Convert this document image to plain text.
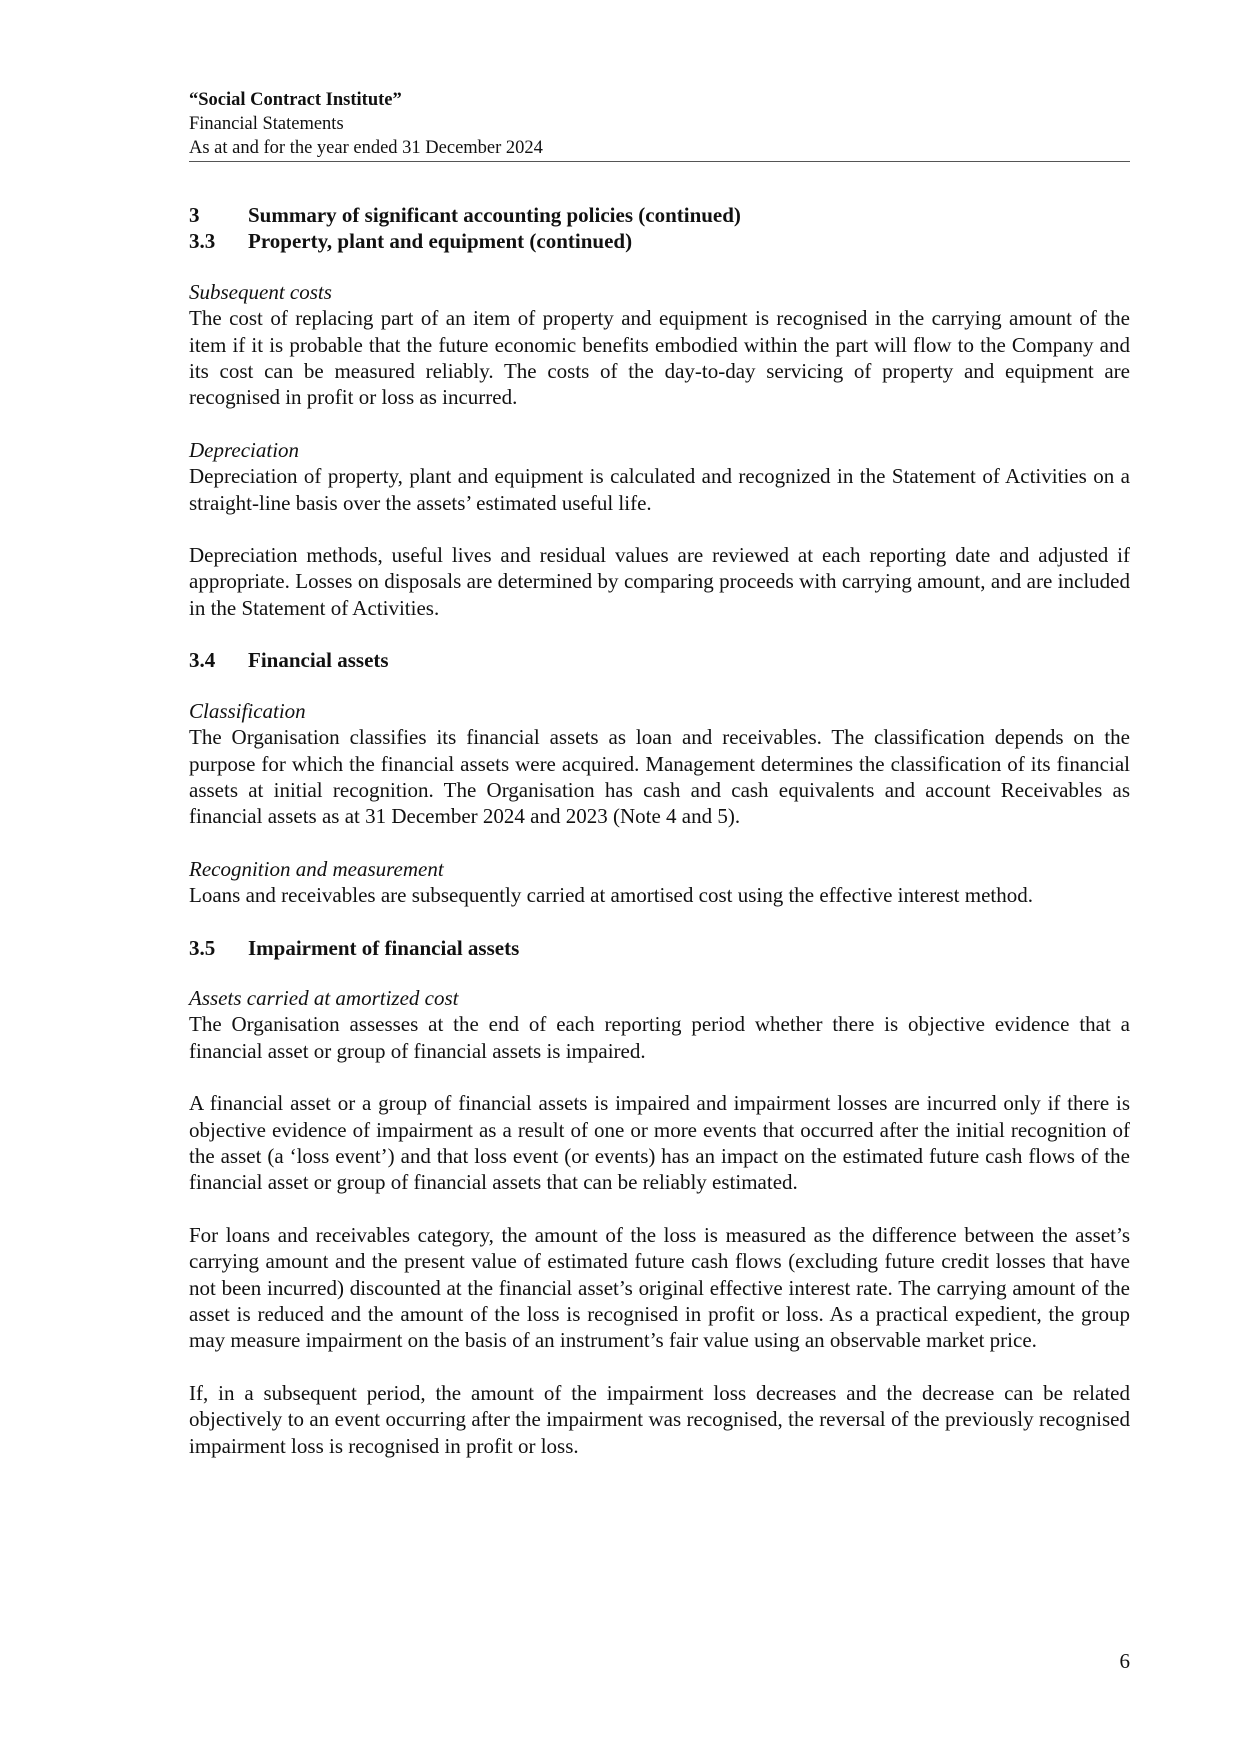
“Social Contract Institute”
Financial Statements
As at and for the year ended 31 December 2024
3	Summary of significant accounting policies (continued)
3.3	Property, plant and equipment (continued)
Subsequent costs

The cost of replacing part of an item of property and equipment is recognised in the carrying amount of the item if it is probable that the future economic benefits embodied within the part will flow to the Company and its cost can be measured reliably. The costs of the day-to-day servicing of property and equipment are recognised in profit or loss as incurred.

Depreciation

Depreciation of property, plant and equipment is calculated and recognized in the Statement of Activities on a straight-line basis over the assets’ estimated useful life.

Depreciation methods, useful lives and residual values are reviewed at each reporting date and adjusted if appropriate. Losses on disposals are determined by comparing proceeds with carrying amount, and are included in the Statement of Activities.

3.4	Financial assets
Classification

The Organisation classifies its financial assets as loan and receivables. The classification depends on the purpose for which the financial assets were acquired. Management determines the classification of its financial assets at initial recognition. The Organisation has cash and cash equivalents and account Receivables as financial assets as at 31 December 2024 and 2023 (Note 4 and 5).

Recognition and measurement

Loans and receivables are subsequently carried at amortised cost using the effective interest method.

3.5	Impairment of financial assets
Assets carried at amortized cost

The Organisation assesses at the end of each reporting period whether there is objective evidence that a financial asset or group of financial assets is impaired.

A financial asset or a group of financial assets is impaired and impairment losses are incurred only if there is objective evidence of impairment as a result of one or more events that occurred after the initial recognition of the asset (a ‘loss event’) and that loss event (or events) has an impact on the estimated future cash flows of the financial asset or group of financial assets that can be reliably estimated.

For loans and receivables category, the amount of the loss is measured as the difference between the asset’s carrying amount and the present value of estimated future cash flows (excluding future credit losses that have not been incurred) discounted at the financial asset’s original effective interest rate. The carrying amount of the asset is reduced and the amount of the loss is recognised in profit or loss. As a practical expedient, the group may measure impairment on the basis of an instrument’s fair value using an observable market price.

If, in a subsequent period, the amount of the impairment loss decreases and the decrease can be related objectively to an event occurring after the impairment was recognised, the reversal of the previously recognised impairment loss is recognised in profit or loss.

6
